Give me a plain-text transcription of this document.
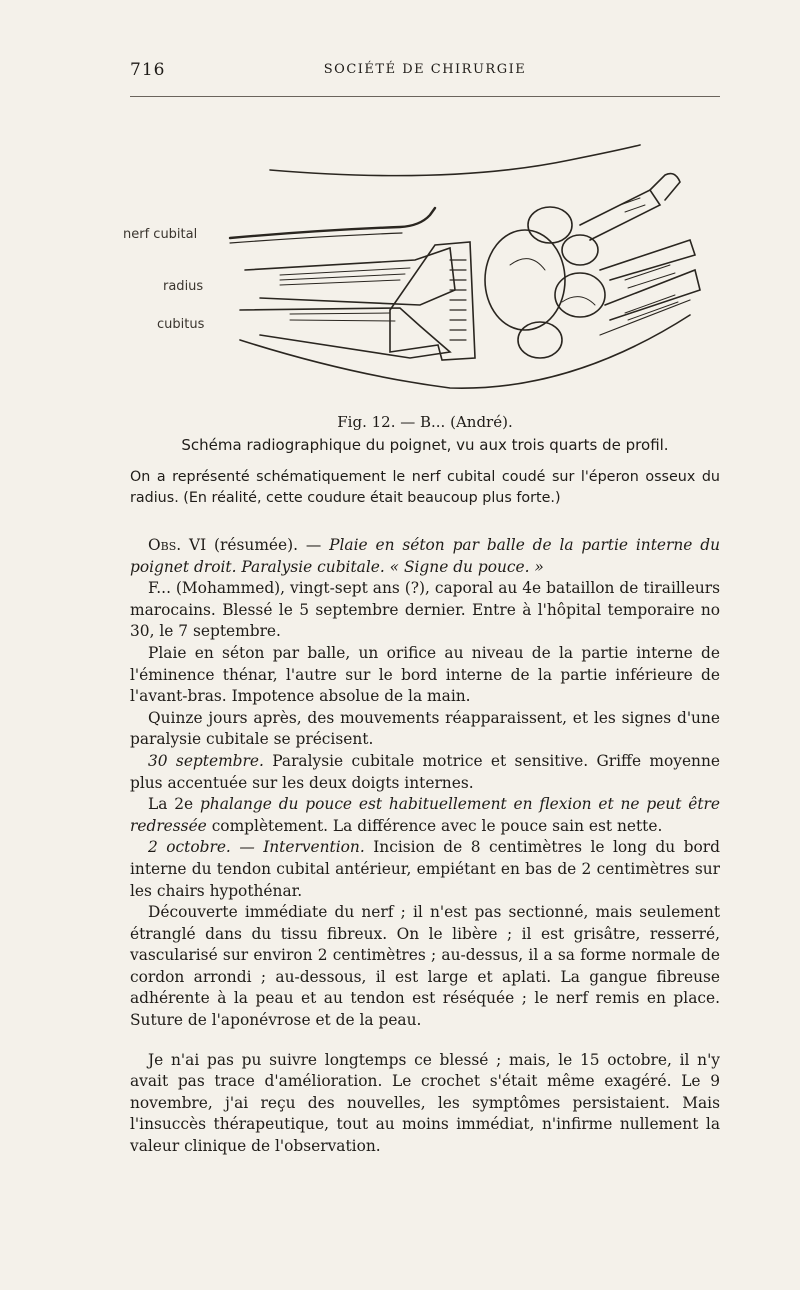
716	SOCIÉTÉ DE CHIRURGIE
nerf cubital
radius
cubitus
Fig. 12. — B... (André).
Schéma radiographique du poignet, vu aux trois quarts de profil.
On a représenté schématiquement le nerf cubital coudé sur l'éperon osseux du radius. (En réalité, cette coudure était beaucoup plus forte.)

Obs. VI (résumée). — Plaie en séton par balle de la partie interne du poignet droit. Paralysie cubitale. « Signe du pouce. »

F... (Mohammed), vingt-sept ans (?), caporal au 4e bataillon de tirailleurs marocains. Blessé le 5 septembre dernier. Entre à l'hôpital temporaire no 30, le 7 septembre.

Plaie en séton par balle, un orifice au niveau de la partie interne de l'éminence thénar, l'autre sur le bord interne de la partie inférieure de l'avant-bras. Impotence absolue de la main.

Quinze jours après, des mouvements réapparaissent, et les signes d'une paralysie cubitale se précisent.

30 septembre. Paralysie cubitale motrice et sensitive. Griffe moyenne plus accentuée sur les deux doigts internes.

La 2e phalange du pouce est habituellement en flexion et ne peut être redressée complètement. La différence avec le pouce sain est nette.

2 octobre. — Intervention. Incision de 8 centimètres le long du bord interne du tendon cubital antérieur, empiétant en bas de 2 centimètres sur les chairs hypothénar.

Découverte immédiate du nerf ; il n'est pas sectionné, mais seulement étranglé dans du tissu fibreux. On le libère ; il est grisâtre, resserré, vascularisé sur environ 2 centimètres ; au-dessus, il a sa forme normale de cordon arrondi ; au-dessous, il est large et aplati. La gangue fibreuse adhérente à la peau et au tendon est réséquée ; le nerf remis en place. Suture de l'aponévrose et de la peau.

Je n'ai pas pu suivre longtemps ce blessé ; mais, le 15 octobre, il n'y avait pas trace d'amélioration. Le crochet s'était même exagéré. Le 9 novembre, j'ai reçu des nouvelles, les symptômes persistaient. Mais l'insuccès thérapeutique, tout au moins immédiat, n'infirme nullement la valeur clinique de l'observation.
